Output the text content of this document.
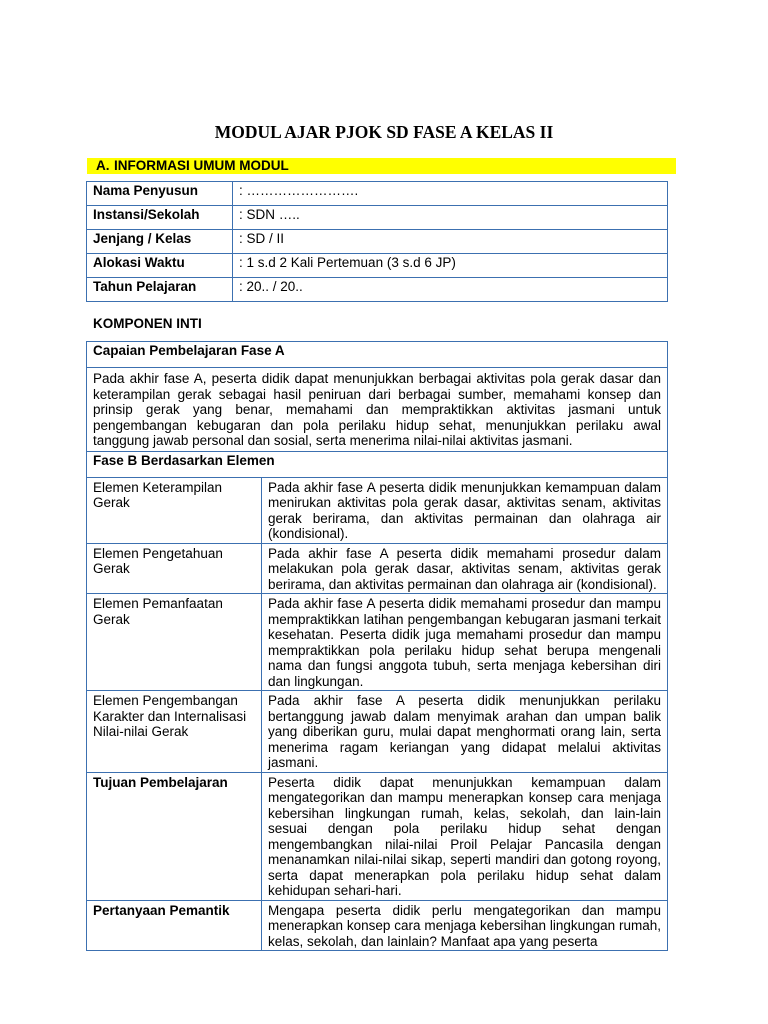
MODUL AJAR PJOK SD FASE A KELAS II
A. INFORMASI UMUM MODUL
Nama Penyusun	: …………………….
Instansi/Sekolah	: SDN …..
Jenjang / Kelas	: SD / II
Alokasi Waktu	: 1 s.d 2 Kali Pertemuan (3 s.d 6 JP)
Tahun Pelajaran	: 20.. / 20..
KOMPONEN INTI
Capaian Pembelajaran Fase A	
Pada akhir fase A, peserta didik dapat menunjukkan berbagai aktivitas pola gerak dasar dan keterampilan gerak sebagai hasil peniruan dari berbagai sumber, memahami konsep dan prinsip gerak yang benar, memahami dan mempraktikkan aktivitas jasmani untuk pengembangan kebugaran dan pola perilaku hidup sehat, menunjukkan perilaku awal tanggung jawab personal dan sosial, serta menerima nilai-nilai aktivitas jasmani.	
Fase B Berdasarkan Elemen	
Elemen Keterampilan Gerak	Pada akhir fase A peserta didik menunjukkan kemampuan dalam menirukan aktivitas pola gerak dasar, aktivitas senam, aktivitas gerak berirama, dan aktivitas permainan dan olahraga air (kondisional).
Elemen Pengetahuan Gerak	Pada akhir fase A peserta didik memahami prosedur dalam melakukan pola gerak dasar, aktivitas senam, aktivitas gerak berirama, dan aktivitas permainan dan olahraga air (kondisional).
Elemen Pemanfaatan Gerak	Pada akhir fase A peserta didik memahami prosedur dan mampu mempraktikkan latihan pengembangan kebugaran jasmani terkait kesehatan. Peserta didik juga memahami prosedur dan mampu mempraktikkan pola perilaku hidup sehat berupa mengenali nama dan fungsi anggota tubuh, serta menjaga kebersihan diri dan lingkungan.
Elemen Pengembangan Karakter dan Internalisasi Nilai-nilai Gerak	Pada akhir fase A peserta didik menunjukkan perilaku bertanggung jawab dalam menyimak arahan dan umpan balik yang diberikan guru, mulai dapat menghormati orang lain, serta menerima ragam keriangan yang didapat melalui aktivitas jasmani.
Tujuan Pembelajaran	Peserta didik dapat menunjukkan kemampuan dalam mengategorikan dan mampu menerapkan konsep cara menjaga kebersihan lingkungan rumah, kelas, sekolah, dan lain-lain sesuai dengan pola perilaku hidup sehat dengan mengembangkan nilai-nilai Proil Pelajar Pancasila dengan menanamkan nilai-nilai sikap, seperti mandiri dan gotong royong, serta dapat menerapkan pola perilaku hidup sehat dalam kehidupan sehari-hari.
Pertanyaan Pemantik	Mengapa peserta didik perlu mengategorikan dan mampu menerapkan konsep cara menjaga kebersihan lingkungan rumah, kelas, sekolah, dan lainlain? Manfaat apa yang peserta
